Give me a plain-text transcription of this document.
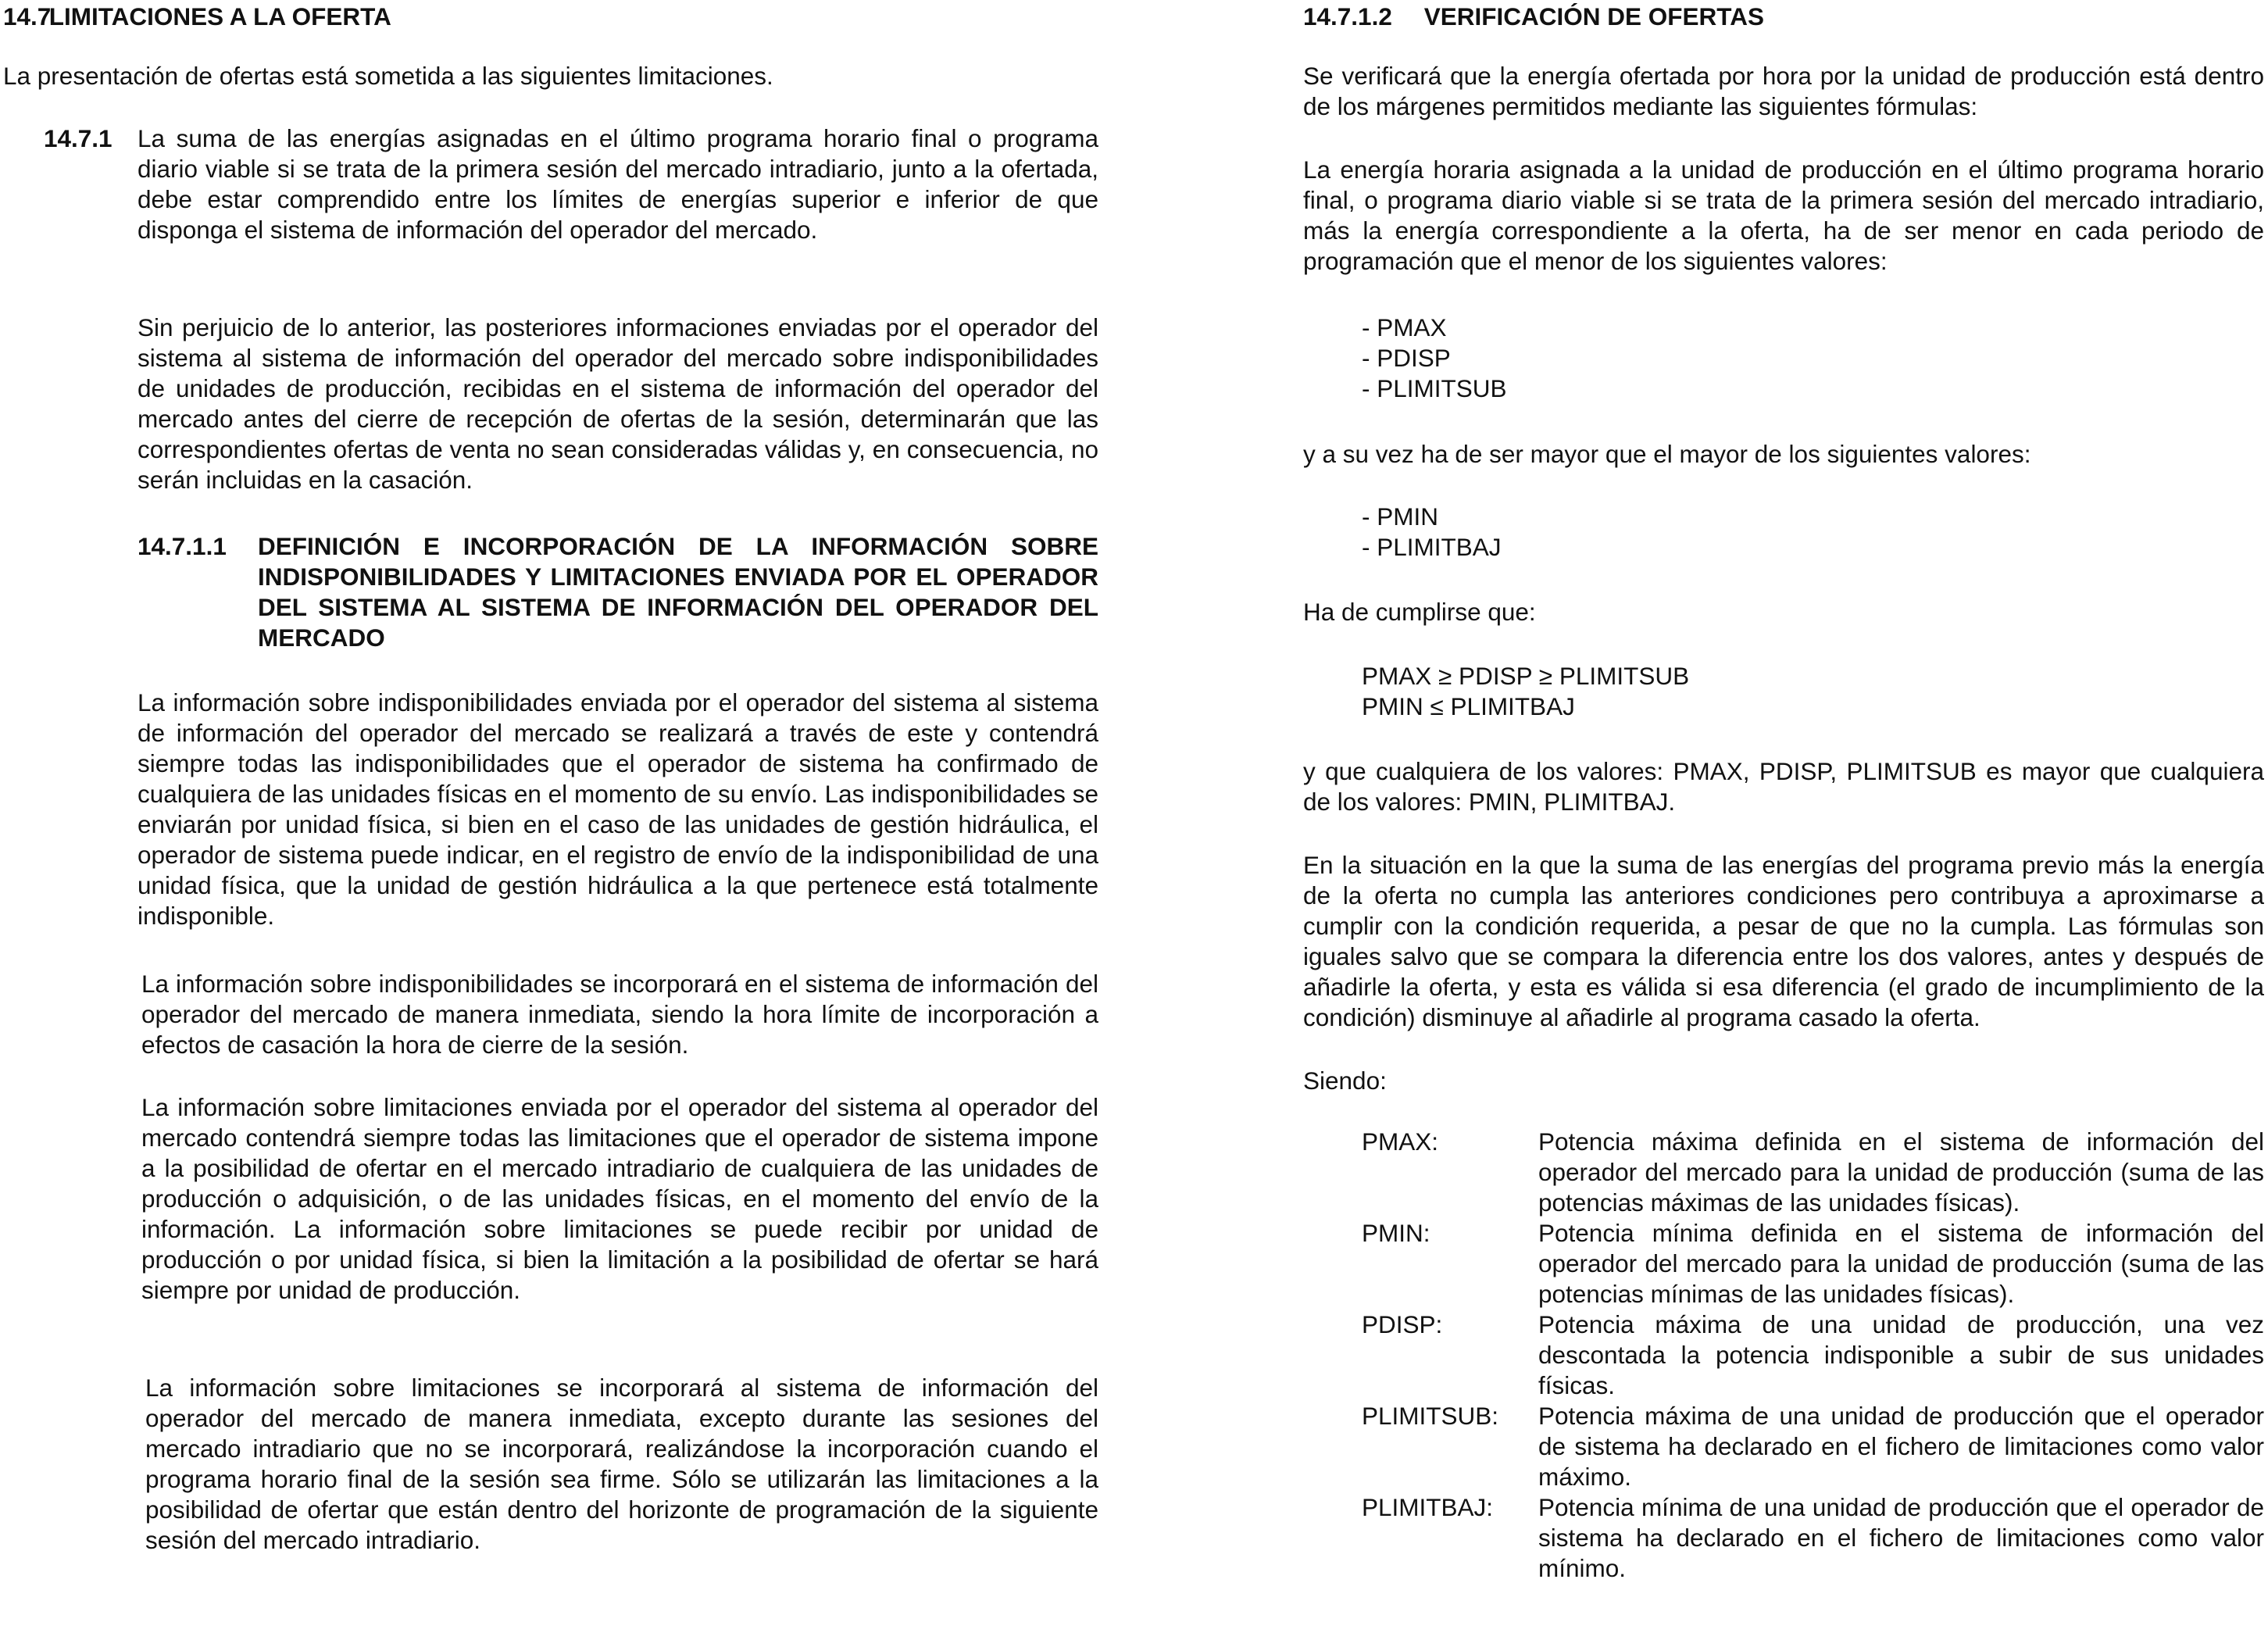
14.7 LIMITACIONES A LA OFERTA

La presentación de ofertas está sometida a las siguientes limitaciones.

14.7.1	La suma de las energías asignadas en el último programa horario final o programa diario viable si se trata de la primera sesión del mercado intradiario, junto a la ofertada, debe estar comprendido entre los límites de energías superior e inferior de que disponga el sistema de información del operador del mercado.

Sin perjuicio de lo anterior, las posteriores informaciones enviadas por el operador del sistema al sistema de información del operador del mercado sobre indisponibilidades de unidades de producción, recibidas en el sistema de información del operador del mercado antes del cierre de recepción de ofertas de la sesión, determinarán que las correspondientes ofertas de venta no sean consideradas válidas y, en consecuencia, no serán incluidas en la casación.

14.7.1.1	DEFINICIÓN E INCORPORACIÓN DE LA INFORMACIÓN SOBRE INDISPONIBILIDADES Y LIMITACIONES ENVIADA POR EL OPERADOR DEL SISTEMA AL SISTEMA DE INFORMACIÓN DEL OPERADOR DEL MERCADO

La información sobre indisponibilidades enviada por el operador del sistema al sistema de información del operador del mercado se realizará a través de este y contendrá siempre todas las indisponibilidades que el operador de sistema ha confirmado de cualquiera de las unidades físicas en el momento de su envío. Las indisponibilidades se enviarán por unidad física, si bien en el caso de las unidades de gestión hidráulica, el operador de sistema puede indicar, en el registro de envío de la indisponibilidad de una unidad física, que la unidad de gestión hidráulica a la que pertenece está totalmente indisponible.

La información sobre indisponibilidades se incorporará en el sistema de información del operador del mercado de manera inmediata, siendo la hora límite de incorporación a efectos de casación la hora de cierre de la sesión.

La información sobre limitaciones enviada por el operador del sistema al operador del mercado contendrá siempre todas las limitaciones que el operador de sistema impone a la posibilidad de ofertar en el mercado intradiario de cualquiera de las unidades de producción o adquisición, o de las unidades físicas, en el momento del envío de la información. La información sobre limitaciones se puede recibir por unidad de producción o por unidad física, si bien la limitación a la posibilidad de ofertar se hará siempre por unidad de producción.

La información sobre limitaciones se incorporará al sistema de información del operador del mercado de manera inmediata, excepto durante las sesiones del mercado intradiario que no se incorporará, realizándose la incorporación cuando el programa horario final de la sesión sea firme. Sólo se utilizarán las limitaciones a la posibilidad de ofertar que están dentro del horizonte de programación de la siguiente sesión del mercado intradiario.

14.7.1.2 VERIFICACIÓN DE OFERTAS

Se verificará que la energía ofertada por hora por la unidad de producción está dentro de los márgenes permitidos mediante las siguientes fórmulas:

La energía horaria asignada a la unidad de producción en el último programa horario final, o programa diario viable si se trata de la primera sesión del mercado intradiario, más la energía correspondiente a la oferta, ha de ser menor en cada periodo de programación que el menor de los siguientes valores:

- PMAX
- PDISP
- PLIMITSUB

y a su vez ha de ser mayor que el mayor de los siguientes valores:

- PMIN
- PLIMITBAJ

Ha de cumplirse que:

PMAX ≥ PDISP ≥ PLIMITSUB
PMIN ≤ PLIMITBAJ

y que cualquiera de los valores: PMAX, PDISP, PLIMITSUB es mayor que cualquiera de los valores: PMIN, PLIMITBAJ.

En la situación en la que la suma de las energías del programa previo más la energía de la oferta no cumpla las anteriores condiciones pero contribuya a aproximarse a cumplir con la condición requerida, a pesar de que no la cumpla. Las fórmulas son iguales salvo que se compara la diferencia entre los dos valores, antes y después de añadirle la oferta, y esta es válida si esa diferencia (el grado de incumplimiento de la condición) disminuye al añadirle al programa casado la oferta.

Siendo:

PMAX:	Potencia máxima definida en el sistema de información del operador del mercado para la unidad de producción (suma de las potencias máximas de las unidades físicas).
PMIN:	Potencia mínima definida en el sistema de información del operador del mercado para la unidad de producción (suma de las potencias mínimas de las unidades físicas).
PDISP:	Potencia máxima de una unidad de producción, una vez descontada la potencia indisponible a subir de sus unidades físicas.
PLIMITSUB:	Potencia máxima de una unidad de producción que el operador de sistema ha declarado en el fichero de limitaciones como valor máximo.
PLIMITBAJ:	Potencia mínima de una unidad de producción que el operador de sistema ha declarado en el fichero de limitaciones como valor mínimo.
